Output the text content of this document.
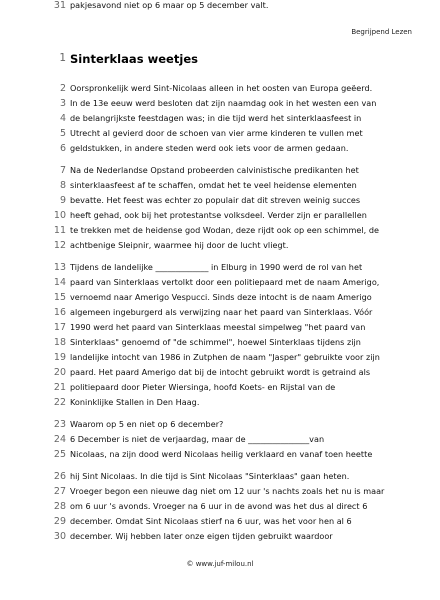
Begrijpend Lezen
1 Sinterklaas weetjes
2 Oorspronkelijk werd Sint-Nicolaas alleen in het oosten van Europa geëerd.
3 In de 13e eeuw werd besloten dat zijn naamdag ook in het westen een van
4 de belangrijkste feestdagen was; in die tijd werd het sinterklaasfeest in
5 Utrecht al gevierd door de schoen van vier arme kinderen te vullen met
6 geldstukken, in andere steden werd ook iets voor de armen gedaan.
7 Na de Nederlandse Opstand probeerden calvinistische predikanten het
8 sinterklaasfeest af te schaffen, omdat het te veel heidense elementen
9 bevatte. Het feest was echter zo populair dat dit streven weinig succes
10 heeft gehad, ook bij het protestantse volksdeel. Verder zijn er parallellen
11 te trekken met de heidense god Wodan, deze rijdt ook op een schimmel, de
12 achtbenige Sleipnir, waarmee hij door de lucht vliegt.
13 Tijdens de landelijke _____________ in Elburg in 1990 werd de rol van het
14 paard van Sinterklaas vertolkt door een politiepaard met de naam Amerigo,
15 vernoemd naar Amerigo Vespucci. Sinds deze intocht is de naam Amerigo
16 algemeen ingeburgerd als verwijzing naar het paard van Sinterklaas. Vóór
17 1990 werd het paard van Sinterklaas meestal simpelweg "het paard van
18 Sinterklaas" genoemd of "de schimmel", hoewel Sinterklaas tijdens zijn
19 landelijke intocht van 1986 in Zutphen de naam "Jasper" gebruikte voor zijn
20 paard. Het paard Amerigo dat bij de intocht gebruikt wordt is getraind als
21 politiepaard door Pieter Wiersinga, hoofd Koets- en Rijstal van de
22 Koninklijke Stallen in Den Haag.
23 Waarom op 5 en niet op 6 december?
24 6 December is niet de verjaardag, maar de _______________van
25 Nicolaas, na zijn dood werd Nicolaas heilig verklaard en vanaf toen heette
26 hij Sint Nicolaas. In die tijd is Sint Nicolaas "Sinterklaas" gaan heten.
27 Vroeger begon een nieuwe dag niet om 12 uur 's nachts zoals het nu is maar
28 om 6 uur 's avonds. Vroeger na 6 uur in de avond was het dus al direct 6
29 december. Omdat Sint Nicolaas stierf na 6 uur, was het voor hen al 6
30 december. Wij hebben later onze eigen tijden gebruikt waardoor
31 pakjesavond niet op 6 maar op 5 december valt.
© www.juf-milou.nl
